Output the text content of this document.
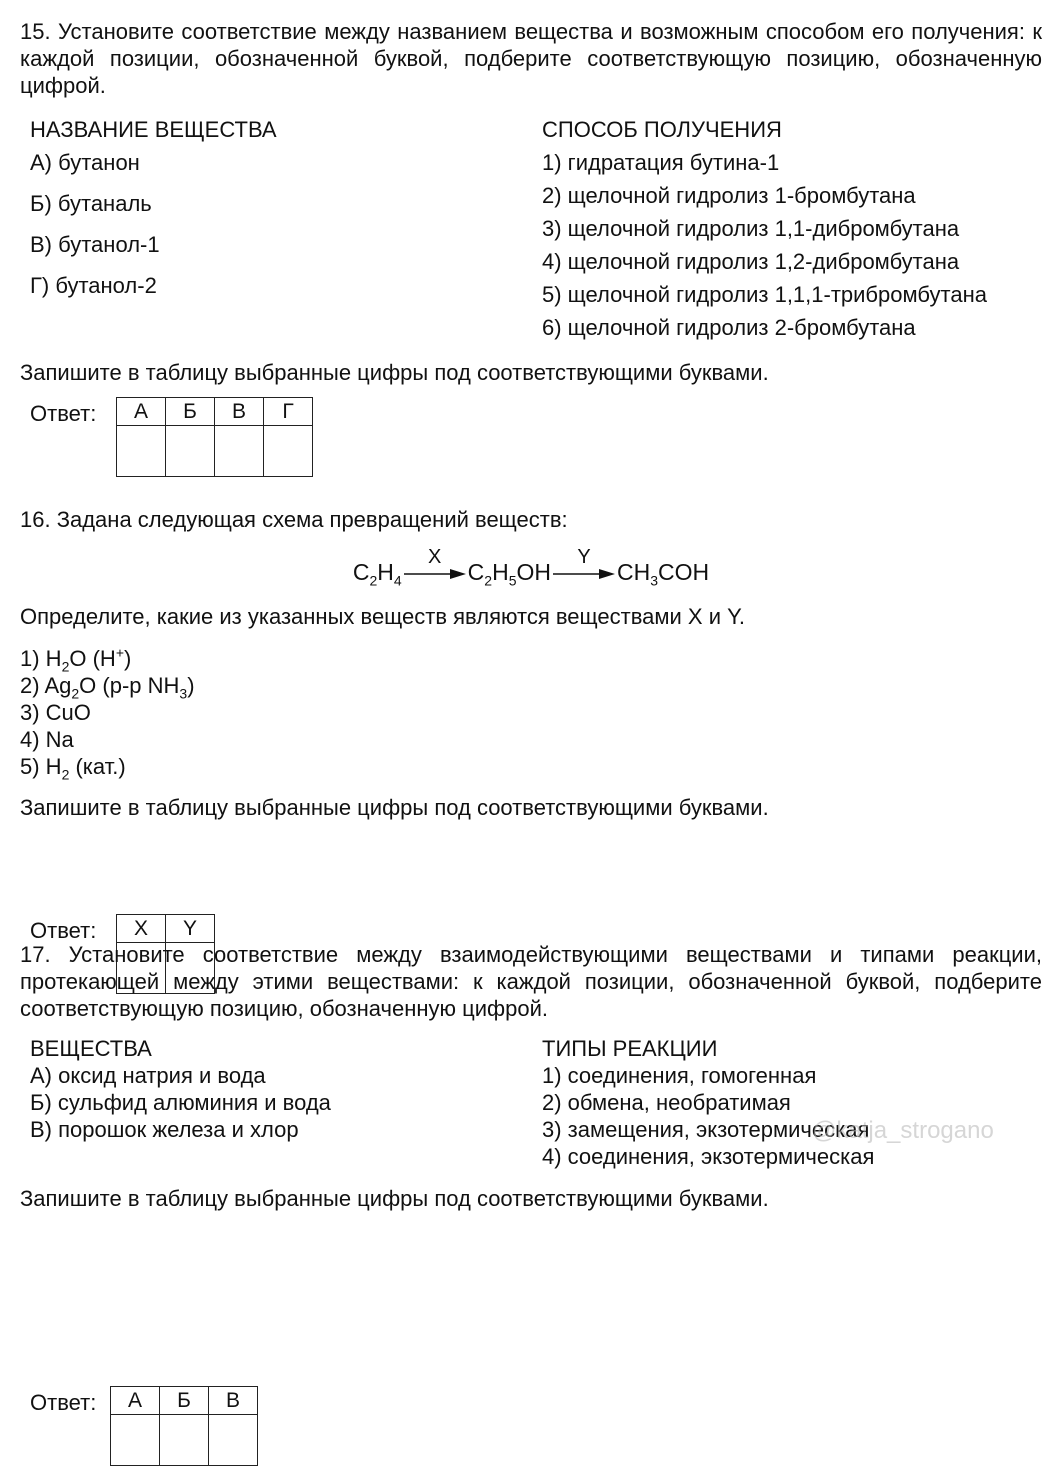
15. Установите соответствие между названием вещества и возможным способом его получения: к каждой позиции, обозначенной буквой, подберите соответствующую позицию, обозначенную цифрой.

НАЗВАНИЕ ВЕЩЕСТВА

А) бутанон

Б) бутаналь

В) бутанол-1

Г) бутанол-2

СПОСОБ ПОЛУЧЕНИЯ

1) гидратация бутина-1

2) щелочной гидролиз 1-бромбутана

3) щелочной гидролиз 1,1-дибромбутана

4) щелочной гидролиз 1,2-дибромбутана

5) щелочной гидролиз 1,1,1-трибромбутана

6) щелочной гидролиз 2-бромбутана

Запишите в таблицу выбранные цифры под соответствующими буквами.

Ответ: А	Б	В	Г

16. Задана следующая схема превращений веществ:

$C_2H_4$
X
$C_2H_5OH$
Y
$CH_3COH$

Определите, какие из указанных веществ являются веществами X и Y.

1) $H_2O$ (H+)

2) $Ag_2O$ (р-р $NH_3$)

3) CuO

4) Na

5) $H_2$ (кат.)

Запишите в таблицу выбранные цифры под соответствующими буквами.

Ответ: X	Y

17. Установите соответствие между взаимодействующими веществами и типами реакции, протекающей между этими веществами: к каждой позиции, обозначенной буквой, подберите соответствующую позицию, обозначенную цифрой.

ВЕЩЕСТВА

А) оксид натрия и вода

Б) сульфид алюминия и вода

В) порошок железа и хлор

ТИПЫ РЕАКЦИИ

1) соединения, гомогенная

2) обмена, необратимая

3) замещения, экзотермическая

4) соединения, экзотермическая

Запишите в таблицу выбранные цифры под соответствующими буквами.

Ответ: А	Б	В

@katja_strogano
